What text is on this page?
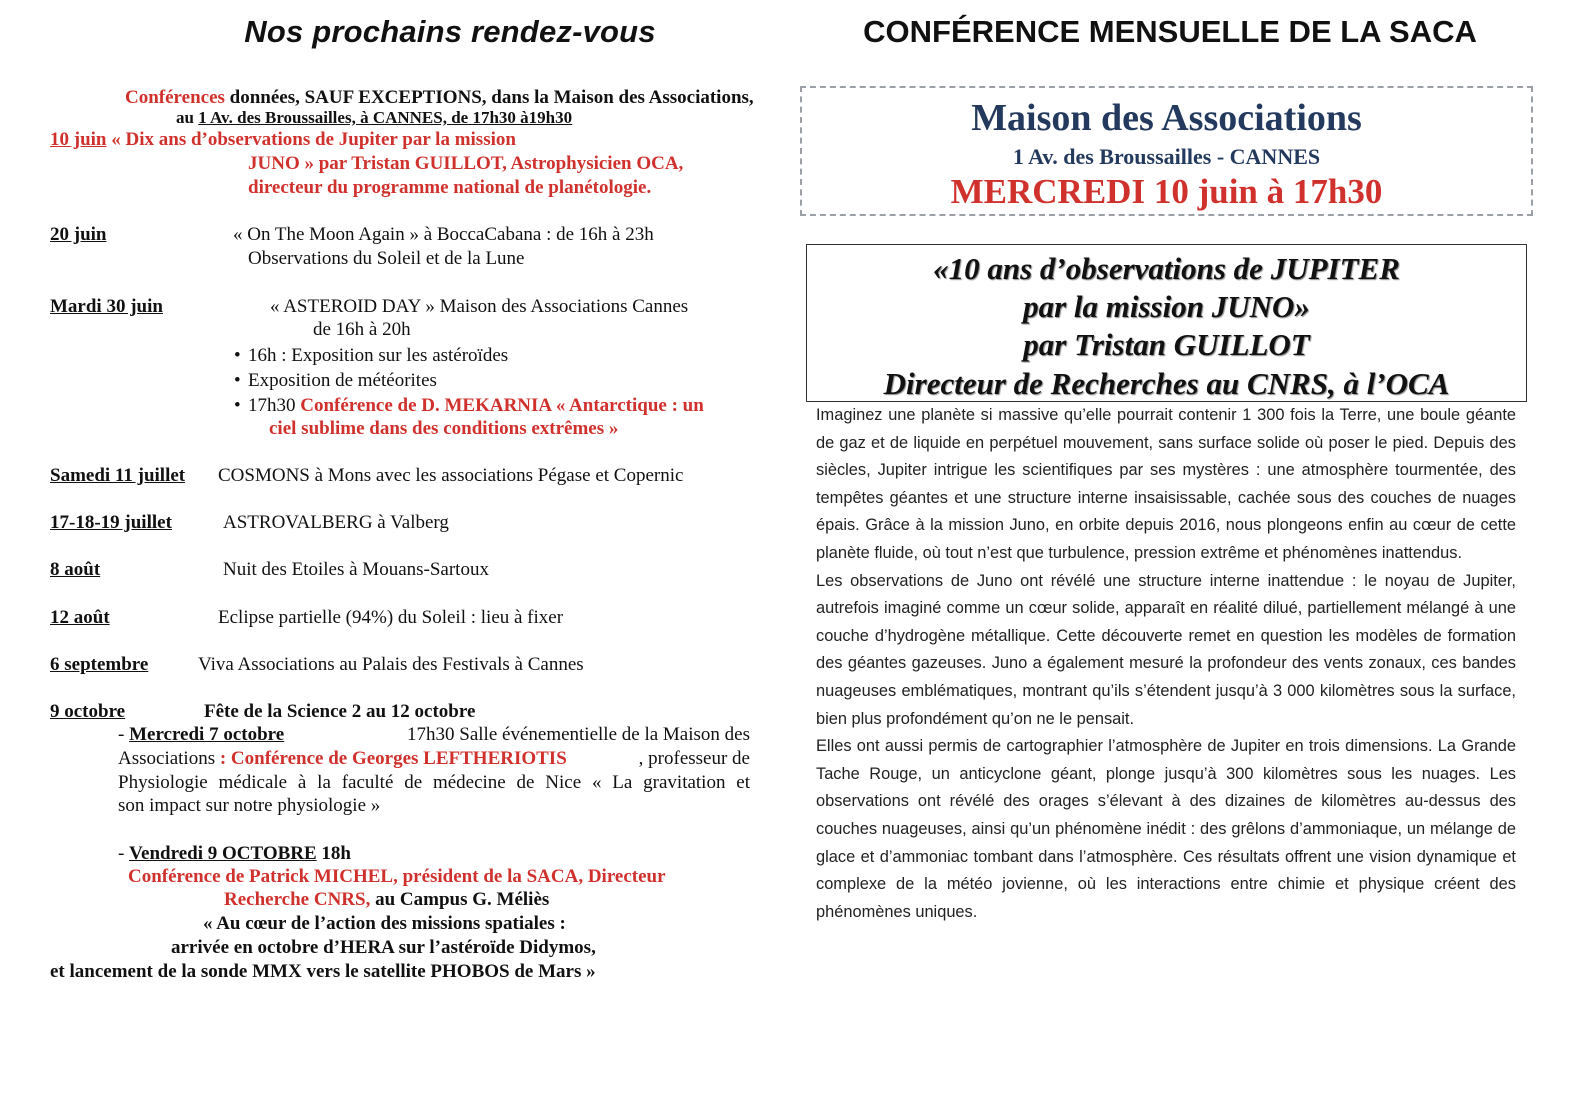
Nos prochains rendez-vous
Conférences données, SAUF EXCEPTIONS, dans la Maison des Associations,
au 1 Av. des Broussailles, à CANNES, de 17h30 à19h30
10 juin « Dix ans d’observations de Jupiter par la mission
JUNO » par Tristan GUILLOT, Astrophysicien OCA,
directeur du programme national de planétologie.
20 juin	« On The Moon Again » à BoccaCabana : de 16h à 23h
Observations du Soleil et de la Lune
Mardi 30 juin	« ASTEROID DAY » Maison des Associations Cannes
de 16h à 20h
• 16h : Exposition sur les astéroïdes
• Exposition de météorites
• 17h30 Conférence de D. MEKARNIA « Antarctique : un
ciel sublime dans des conditions extrêmes »
Samedi 11 juillet COSMONS à Mons avec les associations Pégase et Copernic
17-18-19 juillet	ASTROVALBERG à Valberg
8 août	Nuit des Etoiles à Mouans-Sartoux
12 août	Eclipse partielle (94%) du Soleil : lieu à fixer
6 septembre	Viva Associations au Palais des Festivals à Cannes
9 octobre	Fête de la Science 2 au 12 octobre
- Mercredi 7 octobre	17h30 Salle événementielle de la Maison des
Associations : Conférence de Georges LEFTHERIOTIS	, professeur de
Physiologie médicale à la faculté de médecine de Nice « La gravitation et
son impact sur notre physiologie »
- Vendredi 9 OCTOBRE 18h
Conférence de Patrick MICHEL, président de la SACA, Directeur
Recherche CNRS, au Campus G. Méliès
« Au cœur de l’action des missions spatiales :
arrivée en octobre d’HERA sur l’astéroïde Didymos,
et lancement de la sonde MMX vers le satellite PHOBOS de Mars »
CONFÉRENCE MENSUELLE DE LA SACA
Maison des Associations
1 Av. des Broussailles - CANNES
MERCREDI 10 juin à 17h30
«10 ans d’observations de JUPITER
par la mission JUNO»
par Tristan GUILLOT
Directeur de Recherches au CNRS, à l’OCA

Imaginez une planète si massive qu’elle pourrait contenir 1 300 fois la Terre, une boule géante de gaz et de liquide en perpétuel mouvement, sans surface solide où poser le pied. Depuis des siècles, Jupiter intrigue les scientifiques par ses mystères : une atmosphère tourmentée, des tempêtes géantes et une structure interne insaisissable, cachée sous des couches de nuages épais. Grâce à la mission Juno, en orbite depuis 2016, nous plongeons enfin au cœur de cette planète fluide, où tout n’est que turbulence, pression extrême et phénomènes inattendus.

Les observations de Juno ont révélé une structure interne inattendue : le noyau de Jupiter, autrefois imaginé comme un cœur solide, apparaît en réalité dilué, partiellement mélangé à une couche d’hydrogène métallique. Cette découverte remet en question les modèles de formation des géantes gazeuses. Juno a également mesuré la profondeur des vents zonaux, ces bandes nuageuses emblématiques, montrant qu’ils s’étendent jusqu’à 3 000 kilomètres sous la surface, bien plus profondément qu’on ne le pensait.

Elles ont aussi permis de cartographier l’atmosphère de Jupiter en trois dimensions. La Grande Tache Rouge, un anticyclone géant, plonge jusqu’à 300 kilomètres sous les nuages. Les observations ont révélé des orages s’élevant à des dizaines de kilomètres au-dessus des couches nuageuses, ainsi qu’un phénomène inédit : des grêlons d’ammoniaque, un mélange de glace et d’ammoniac tombant dans l’atmosphère. Ces résultats offrent une vision dynamique et complexe de la météo jovienne, où les interactions entre chimie et physique créent des phénomènes uniques.
